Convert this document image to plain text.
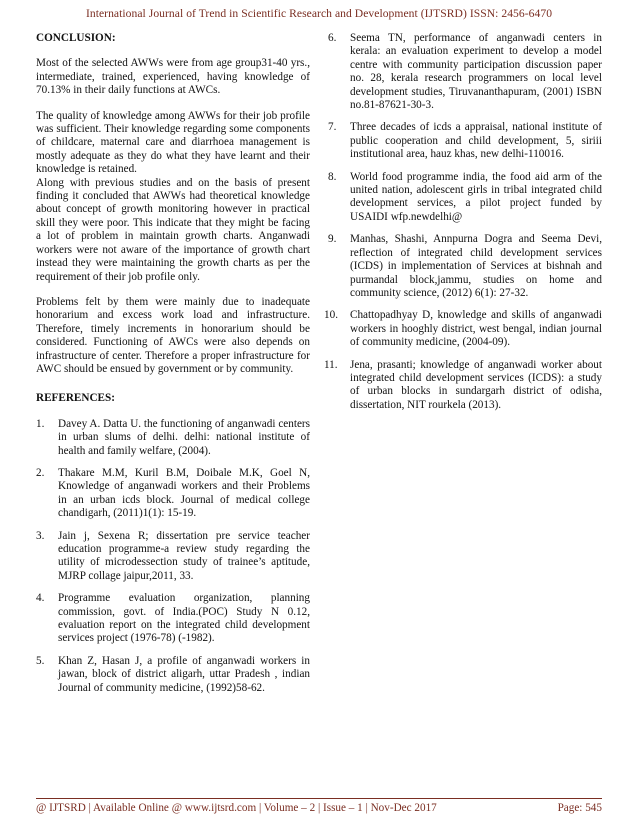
International Journal of Trend in Scientific Research and Development (IJTSRD) ISSN: 2456-6470
CONCLUSION:

Most of the selected AWWs were from age group31-40 yrs., intermediate, trained, experienced, having knowledge of 70.13% in their daily functions at AWCs.

The quality of knowledge among AWWs for their job profile was sufficient. Their knowledge regarding some components of childcare, maternal care and diarrhoea management is mostly adequate as they do what they have learnt and their knowledge is retained.

Along with previous studies and on the basis of present finding it concluded that AWWs had theoretical knowledge about concept of growth monitoring however in practical skill they were poor. This indicate that they might be facing a lot of problem in maintain growth charts. Anganwadi workers were not aware of the importance of growth chart instead they were maintaining the growth charts as per the requirement of their job profile only.

Problems felt by them were mainly due to inadequate honorarium and excess work load and infrastructure. Therefore, timely increments in honorarium should be considered. Functioning of AWCs were also depends on infrastructure of center. Therefore a proper infrastructure for AWC should be ensued by government or by community.

REFERENCES:
1.	Davey A. Datta U. the functioning of anganwadi centers in urban slums of delhi. delhi: national institute of health and family welfare, (2004).
2.	Thakare M.M, Kuril B.M, Doibale M.K, Goel N, Knowledge of anganwadi workers and their Problems in an urban icds block. Journal of medical college chandigarh, (2011)1(1): 15-19.
3.	Jain j, Sexena R; dissertation pre service teacher education programme-a review study regarding the utility of microdessection study of trainee’s aptitude, MJRP collage jaipur,2011, 33.
4.	Programme evaluation organization, planning commission, govt. of India.(POC) Study N 0.12, evaluation report on the integrated child development services project (1976-78) (-1982).
5.	Khan Z, Hasan J, a profile of anganwadi workers in jawan, block of district aligarh, uttar Pradesh , indian Journal of community medicine, (1992)58-62.
6.	Seema TN, performance of anganwadi centers in kerala: an evaluation experiment to develop a model centre with community participation discussion paper no. 28, kerala research programmers on local level development studies, Tiruvananthapuram, (2001) ISBN no.81-87621-30-3.
7.	Three decades of icds a appraisal, national institute of public cooperation and child development, 5, siriii institutional area, hauz khas, new delhi-110016.
8.	World food programme india, the food aid arm of the united nation, adolescent girls in tribal integrated child development services, a pilot project funded by USAIDI wfp.newdelhi@
9.	Manhas, Shashi, Annpurna Dogra and Seema Devi, reflection of integrated child development services (ICDS) in implementation of Services at bishnah and purmandal block,jammu, studies on home and community science, (2012) 6(1): 27-32.
10.	Chattopadhyay D, knowledge and skills of anganwadi workers in hooghly district, west bengal, indian journal of community medicine, (2004-09).
11.	Jena, prasanti; knowledge of anganwadi worker about integrated child development services (ICDS): a study of urban blocks in sundargarh district of odisha, dissertation, NIT rourkela (2013).
@ IJTSRD | Available Online @ www.ijtsrd.com | Volume – 2 | Issue – 1 | Nov-Dec 2017	Page: 545
